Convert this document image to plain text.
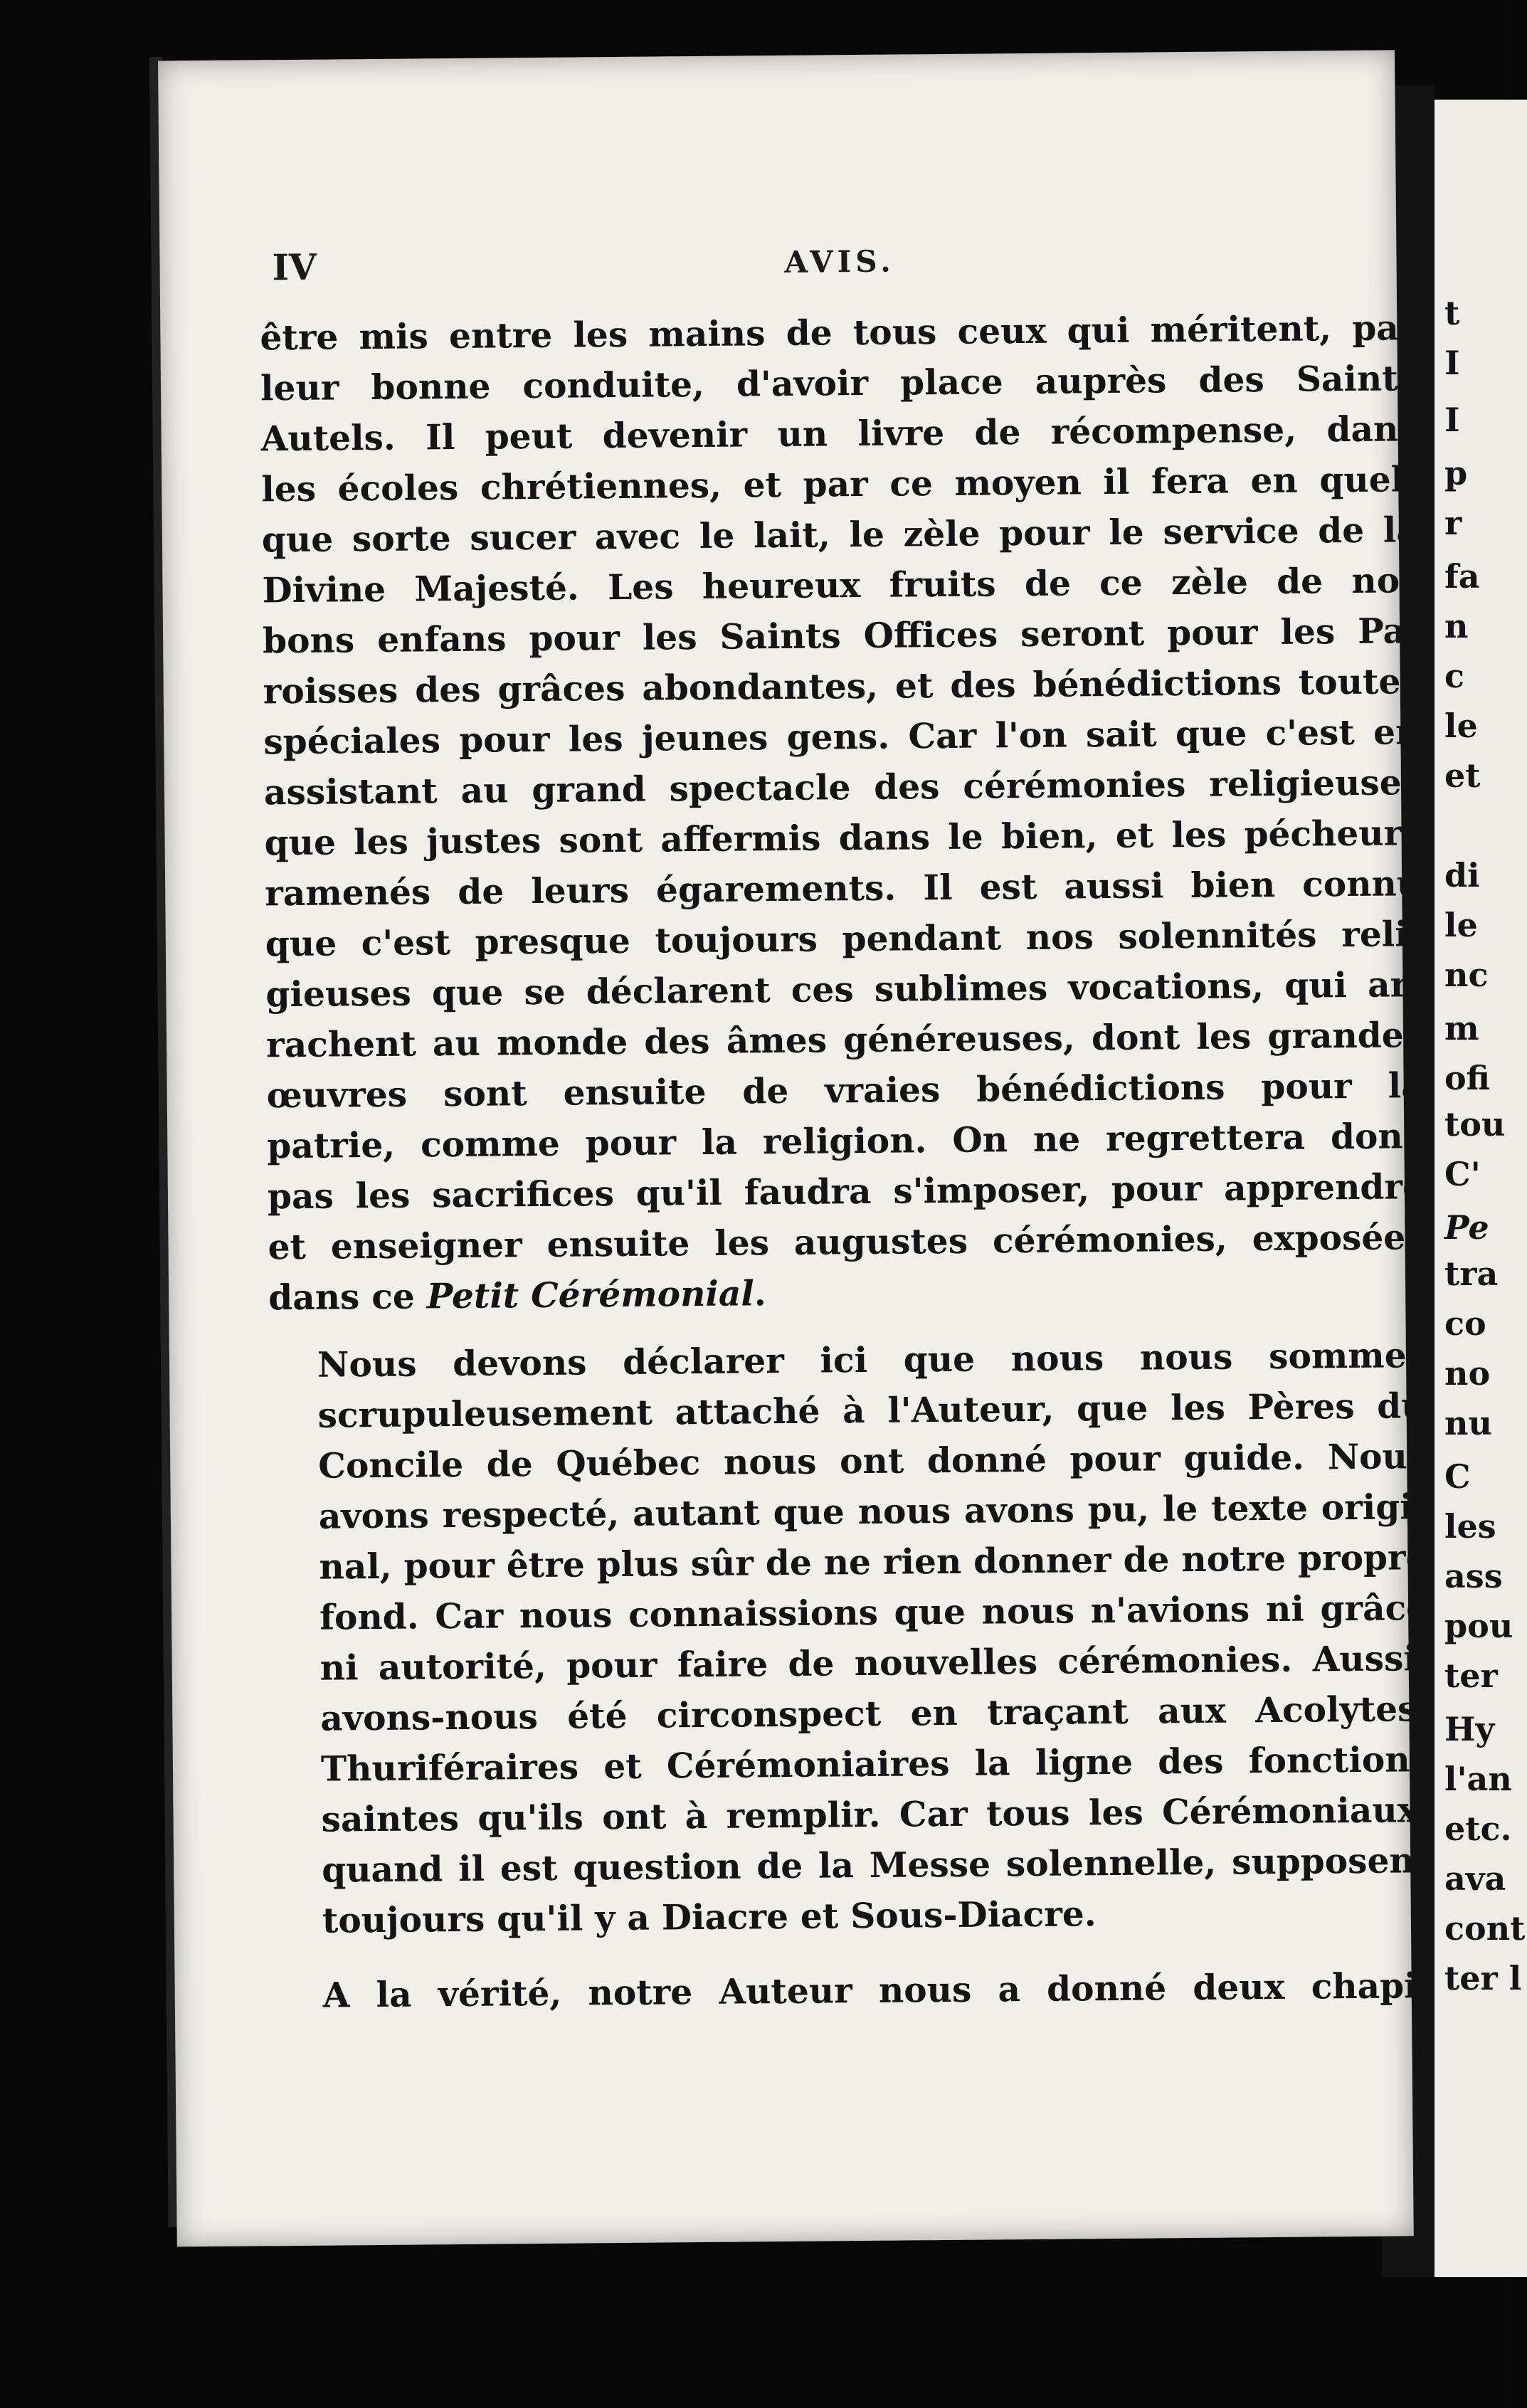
IV	AVIS.

être mis entre les mains de tous ceux qui méritent, par
leur bonne conduite, d'avoir place auprès des Saints
Autels. Il peut devenir un livre de récompense, dans
les écoles chrétiennes, et par ce moyen il fera en quel-
que sorte sucer avec le lait, le zèle pour le service de la
Divine Majesté. Les heureux fruits de ce zèle de nos
bons enfans pour les Saints Offices seront pour les Pa-
roisses des grâces abondantes, et des bénédictions toutes
spéciales pour les jeunes gens. Car l'on sait que c'est en
assistant au grand spectacle des cérémonies religieuses
que les justes sont affermis dans le bien, et les pécheurs
ramenés de leurs égarements. Il est aussi bien connu
que c'est presque toujours pendant nos solennités reli-
gieuses que se déclarent ces sublimes vocations, qui ar-
rachent au monde des âmes généreuses, dont les grandes
œuvres sont ensuite de vraies bénédictions pour la
patrie, comme pour la religion. On ne regrettera donc
pas les sacrifices qu'il faudra s'imposer, pour apprendre
et enseigner ensuite les augustes cérémonies, exposées
dans ce Petit Cérémonial.

Nous devons déclarer ici que nous nous sommes
scrupuleusement attaché à l'Auteur, que les Pères du
Concile de Québec nous ont donné pour guide. Nous
avons respecté, autant que nous avons pu, le texte origi-
nal, pour être plus sûr de ne rien donner de notre propre
fond. Car nous connaissions que nous n'avions ni grâce
ni autorité, pour faire de nouvelles cérémonies. Aussi,
avons-nous été circonspect en traçant aux Acolytes,
Thuriféraires et Cérémoniaires la ligne des fonctions
saintes qu'ils ont à remplir. Car tous les Cérémoniaux,
quand il est question de la Messe solennelle, supposent
toujours qu'il y a Diacre et Sous-Diacre.

A la vérité, notre Auteur nous a donné deux chapi-

t
I
I
p
r
fa
n
c
le
et
di
le
nc
m
ofi
tou
C'
Pe
tra
co
no
nu
C
les
ass
pou
ter
Hy
l'an
etc.
ava
cont
ter l
